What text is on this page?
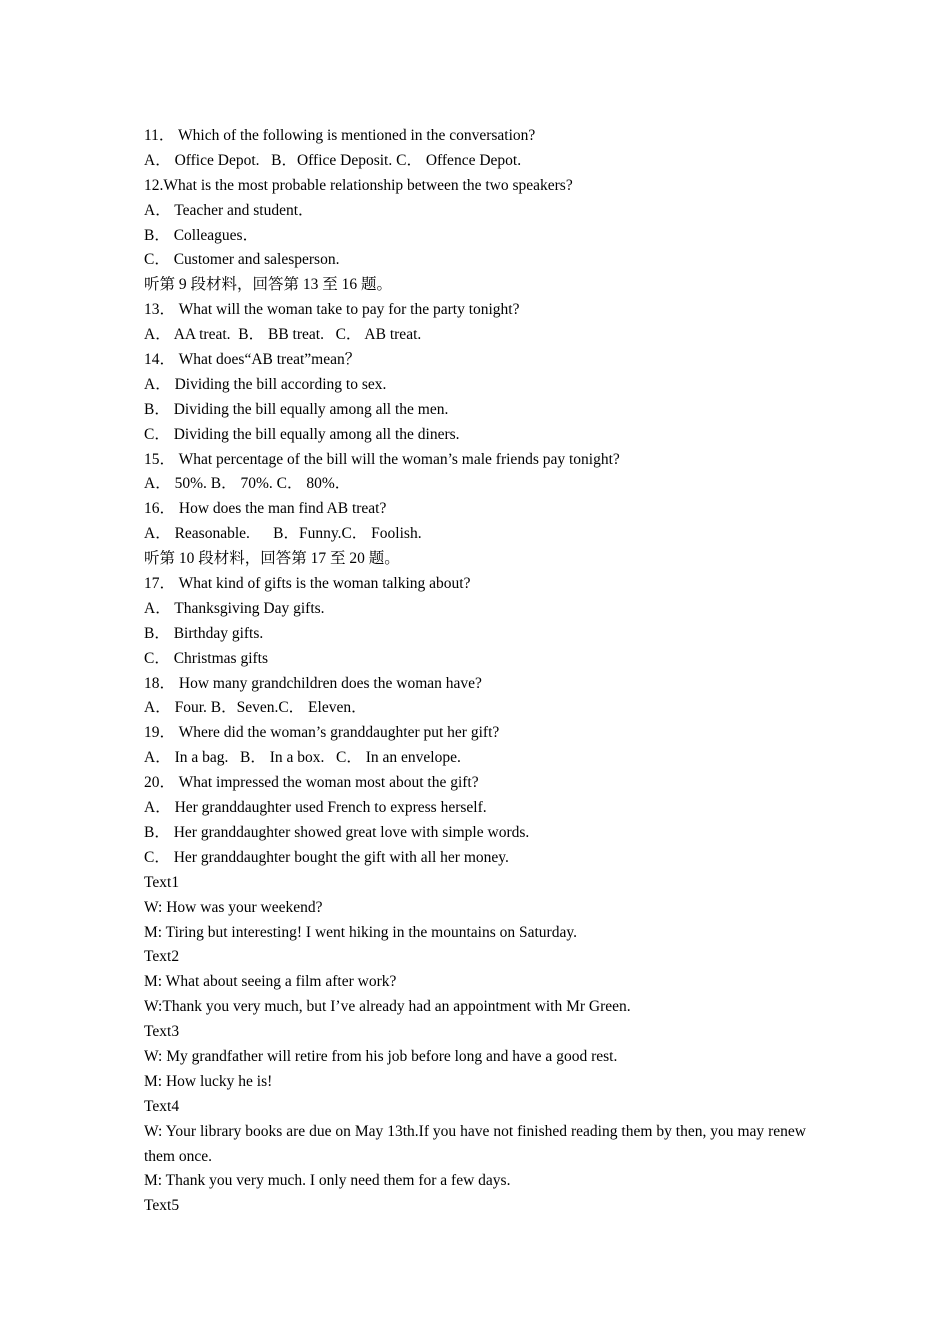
11． Which of the following is mentioned in the conversation?
A． Office Depot.   B．Office Deposit. C． Offence Depot.
12.What is the most probable relationship between the two speakers?
A． Teacher and student．
B． Colleagues．
C． Customer and salesperson.
听第 9 段材料，回答第 13 至 16 题。
13． What will the woman take to pay for the party tonight?
A． AA treat.  B． BB treat.   C． AB treat.
14． What does“AB treat”mean？
A． Dividing the bill according to sex.
B． Dividing the bill equally among all the men.
C． Dividing the bill equally among all the diners.
15． What percentage of the bill will the woman’s male friends pay tonight?
A． 50%. B． 70%. C． 80%．
16． How does the man find AB treat?
A． Reasonable.      B．Funny.C． Foolish.
听第 10 段材料，回答第 17 至 20 题。
17． What kind of gifts is the woman talking about?
A． Thanksgiving Day gifts.
B． Birthday gifts.
C． Christmas gifts
18． How many grandchildren does the woman have?
A． Four. B．Seven.C． Eleven．
19． Where did the woman’s granddaughter put her gift?
A． In a bag.   B． In a box.   C． In an envelope.
20． What impressed the woman most about the gift?
A． Her granddaughter used French to express herself.
B． Her granddaughter showed great love with simple words.
C． Her granddaughter bought the gift with all her money.
Text1
W: How was your weekend?
M: Tiring but interesting! I went hiking in the mountains on Saturday.
Text2
M: What about seeing a film after work?
W:Thank you very much, but I’ve already had an appointment with Mr Green.
Text3
W: My grandfather will retire from his job before long and have a good rest.
M: How lucky he is!
Text4
W: Your library books are due on May 13th.If you have not finished reading them by then, you may renew them once.
M: Thank you very much. I only need them for a few days.
Text5
